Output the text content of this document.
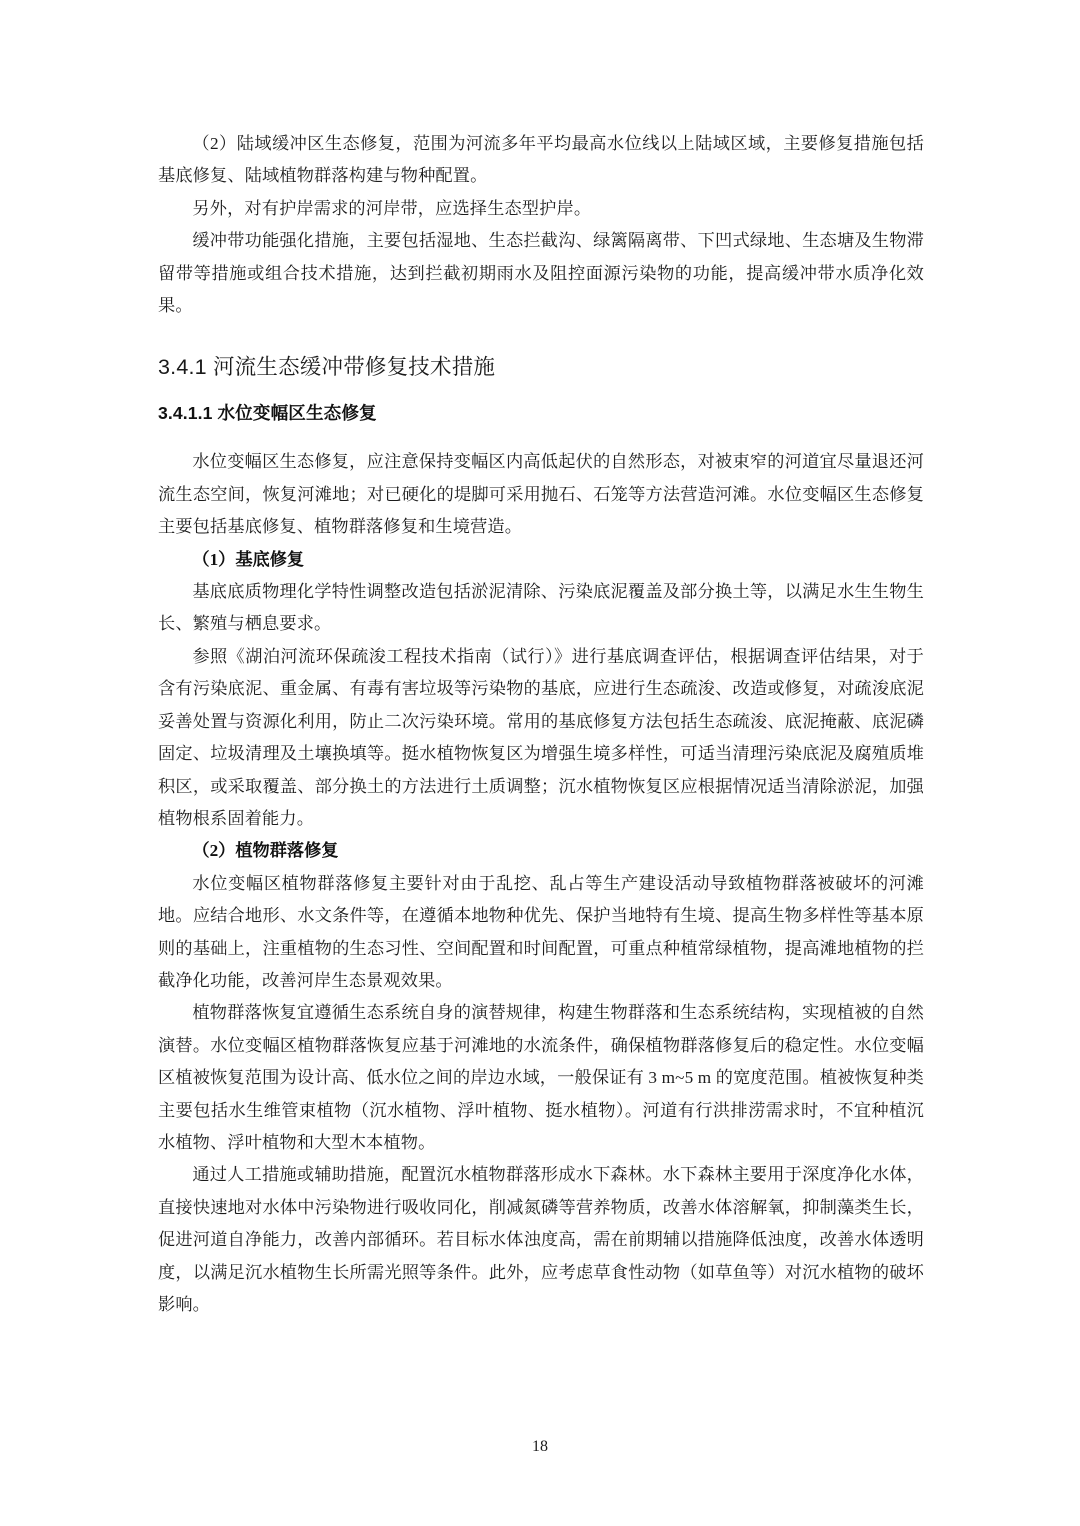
（2）陆域缓冲区生态修复，范围为河流多年平均最高水位线以上陆域区域，主要修复措施包括基底修复、陆域植物群落构建与物种配置。

另外，对有护岸需求的河岸带，应选择生态型护岸。

缓冲带功能强化措施，主要包括湿地、生态拦截沟、绿篱隔离带、下凹式绿地、生态塘及生物滞留带等措施或组合技术措施，达到拦截初期雨水及阻控面源污染物的功能，提高缓冲带水质净化效果。

3.4.1 河流生态缓冲带修复技术措施
3.4.1.1 水位变幅区生态修复

水位变幅区生态修复，应注意保持变幅区内高低起伏的自然形态，对被束窄的河道宜尽量退还河流生态空间，恢复河滩地；对已硬化的堤脚可采用抛石、石笼等方法营造河滩。水位变幅区生态修复主要包括基底修复、植物群落修复和生境营造。

（1）基底修复

基底底质物理化学特性调整改造包括淤泥清除、污染底泥覆盖及部分换土等，以满足水生生物生长、繁殖与栖息要求。

参照《湖泊河流环保疏浚工程技术指南（试行）》进行基底调查评估，根据调查评估结果，对于含有污染底泥、重金属、有毒有害垃圾等污染物的基底，应进行生态疏浚、改造或修复，对疏浚底泥妥善处置与资源化利用，防止二次污染环境。常用的基底修复方法包括生态疏浚、底泥掩蔽、底泥磷固定、垃圾清理及土壤换填等。挺水植物恢复区为增强生境多样性，可适当清理污染底泥及腐殖质堆积区，或采取覆盖、部分换土的方法进行土质调整；沉水植物恢复区应根据情况适当清除淤泥，加强植物根系固着能力。

（2）植物群落修复

水位变幅区植物群落修复主要针对由于乱挖、乱占等生产建设活动导致植物群落被破坏的河滩地。应结合地形、水文条件等，在遵循本地物种优先、保护当地特有生境、提高生物多样性等基本原则的基础上，注重植物的生态习性、空间配置和时间配置，可重点种植常绿植物，提高滩地植物的拦截净化功能，改善河岸生态景观效果。

植物群落恢复宜遵循生态系统自身的演替规律，构建生物群落和生态系统结构，实现植被的自然演替。水位变幅区植物群落恢复应基于河滩地的水流条件，确保植物群落修复后的稳定性。水位变幅区植被恢复范围为设计高、低水位之间的岸边水域，一般保证有 3 m~5 m 的宽度范围。植被恢复种类主要包括水生维管束植物（沉水植物、浮叶植物、挺水植物）。河道有行洪排涝需求时，不宜种植沉水植物、浮叶植物和大型木本植物。

通过人工措施或辅助措施，配置沉水植物群落形成水下森林。水下森林主要用于深度净化水体，直接快速地对水体中污染物进行吸收同化，削减氮磷等营养物质，改善水体溶解氧，抑制藻类生长，促进河道自净能力，改善内部循环。若目标水体浊度高，需在前期辅以措施降低浊度，改善水体透明度，以满足沉水植物生长所需光照等条件。此外，应考虑草食性动物（如草鱼等）对沉水植物的破坏影响。

18
